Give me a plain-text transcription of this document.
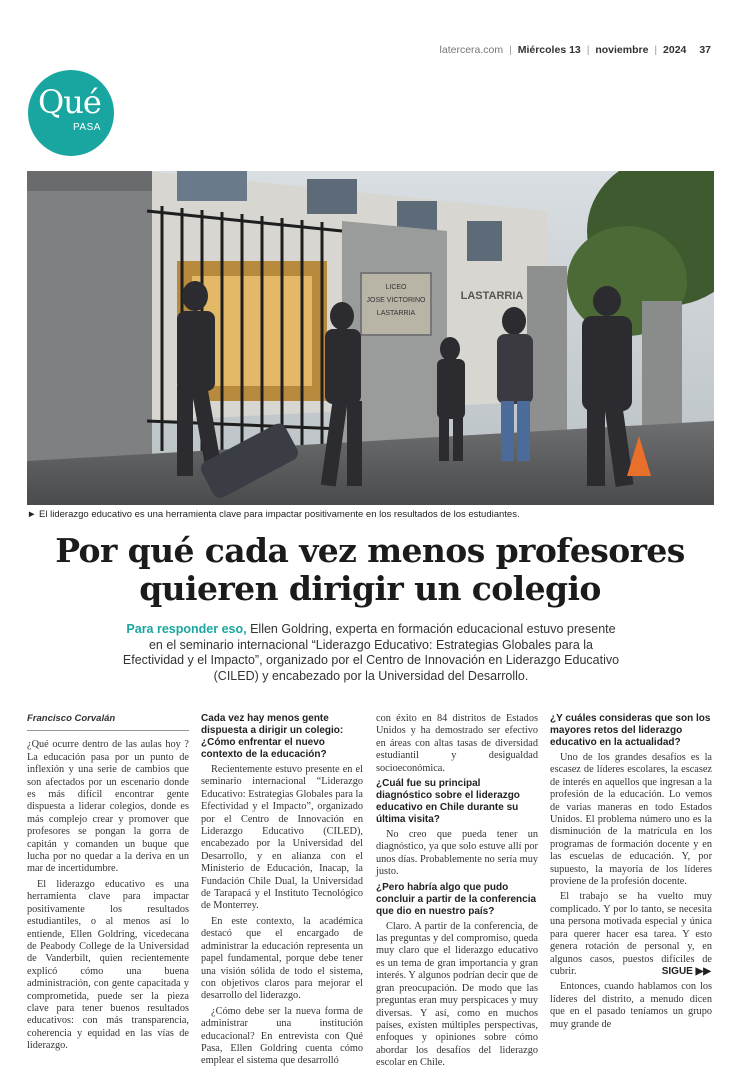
latercera.com | Miércoles 13 | noviembre | 2024 37
Qué
PASA
LICEO
JOSE VICTORINO
LASTARRIA
LASTARRIA
► El liderazgo educativo es una herramienta clave para impactar positivamente en los resultados de los estudiantes.
Por qué cada vez menos profesores quieren dirigir un colegio

Para responder eso, Ellen Goldring, experta en formación educacional estuvo presente en el seminario internacional “Liderazgo Educativo: Estrategias Globales para la Efectividad y el Impacto”, organizado por el Centro de Innovación en Liderazgo Educativo (CILED) y encabezado por la Universidad del Desarrollo.

Francisco Corvalán

¿Qué ocurre dentro de las aulas hoy ? La educación pasa por un punto de inflexión y una serie de cambios que son afectados por un escenario donde es más difícil encontrar gente dispuesta a liderar colegios, donde es más complejo crear y promover que profesores se pongan la gorra de capitán y comanden un buque que lucha por no quedar a la deriva en un mar de incertidumbre.

El liderazgo educativo es una herramienta clave para impactar positivamente los resultados estudiantiles, o al menos así lo entiende, Ellen Goldring, vicedecana de Peabody College de la Universidad de Vanderbilt, quien recientemente explicó cómo una buena administración, con gente capacitada y comprometida, puede ser la pieza clave para tener buenos resultados educativos: con más transparencia, coherencia y equidad en las vías de liderazgo.

Cada vez hay menos gente dispuesta a dirigir un colegio: ¿Cómo enfrentar el nuevo contexto de la educación?

Recientemente estuvo presente en el seminario internacional “Liderazgo Educativo: Estrategias Globales para la Efectividad y el Impacto”, organizado por el Centro de Innovación en Liderazgo Educativo (CILED), encabezado por la Universidad del Desarrollo, y en alianza con el Ministerio de Educación, Inacap, la Fundación Chile Dual, la Universidad de Tarapacá y el Instituto Tecnológico de Monterrey.

En este contexto, la académica destacó que el encargado de administrar la educación representa un papel fundamental, porque debe tener una visión sólida de todo el sistema, con objetivos claros para mejorar el desarrollo del liderazgo.

¿Cómo debe ser la nueva forma de administrar una institución educacional? En entrevista con Qué Pasa, Ellen Goldring cuenta cómo emplear el sistema que desarrolló

con éxito en 84 distritos de Estados Unidos y ha demostrado ser efectivo en áreas con altas tasas de diversidad estudiantil y desigualdad socioeconómica.

¿Cuál fue su principal diagnóstico sobre el liderazgo educativo en Chile durante su última visita?

No creo que pueda tener un diagnóstico, ya que solo estuve allí por unos días. Probablemente no sería muy justo.

¿Pero habría algo que pudo concluir a partir de la conferencia que dio en nuestro país?

Claro. A partir de la conferencia, de las preguntas y del compromiso, queda muy claro que el liderazgo educativo es un tema de gran importancia y gran interés. Y algunos podrían decir que de gran preocupación. De modo que las preguntas eran muy perspicaces y muy diversas. Y así, como en muchos países, existen múltiples perspectivas, enfoques y opiniones sobre cómo abordar los desafíos del liderazgo escolar en Chile.

¿Y cuáles consideras que son los mayores retos del liderazgo educativo en la actualidad?

Uno de los grandes desafíos es la escasez de líderes escolares, la escasez de interés en aquellos que ingresan a la profesión de la educación. Lo vemos de varias maneras en todo Estados Unidos. El problema número uno es la disminución de la matrícula en los programas de formación docente y en las escuelas de educación. Y, por supuesto, la mayoría de los líderes proviene de la profesión docente.

El trabajo se ha vuelto muy complicado. Y por lo tanto, se necesita una persona motivada especial y única para querer hacer esa tarea. Y esto genera rotación de personal y, en algunos casos, puestos difíciles de cubrir.

Entonces, cuando hablamos con los líderes del distrito, a menudo dicen que en el pasado teníamos un grupo muy grande de

SIGUE ▶▶
